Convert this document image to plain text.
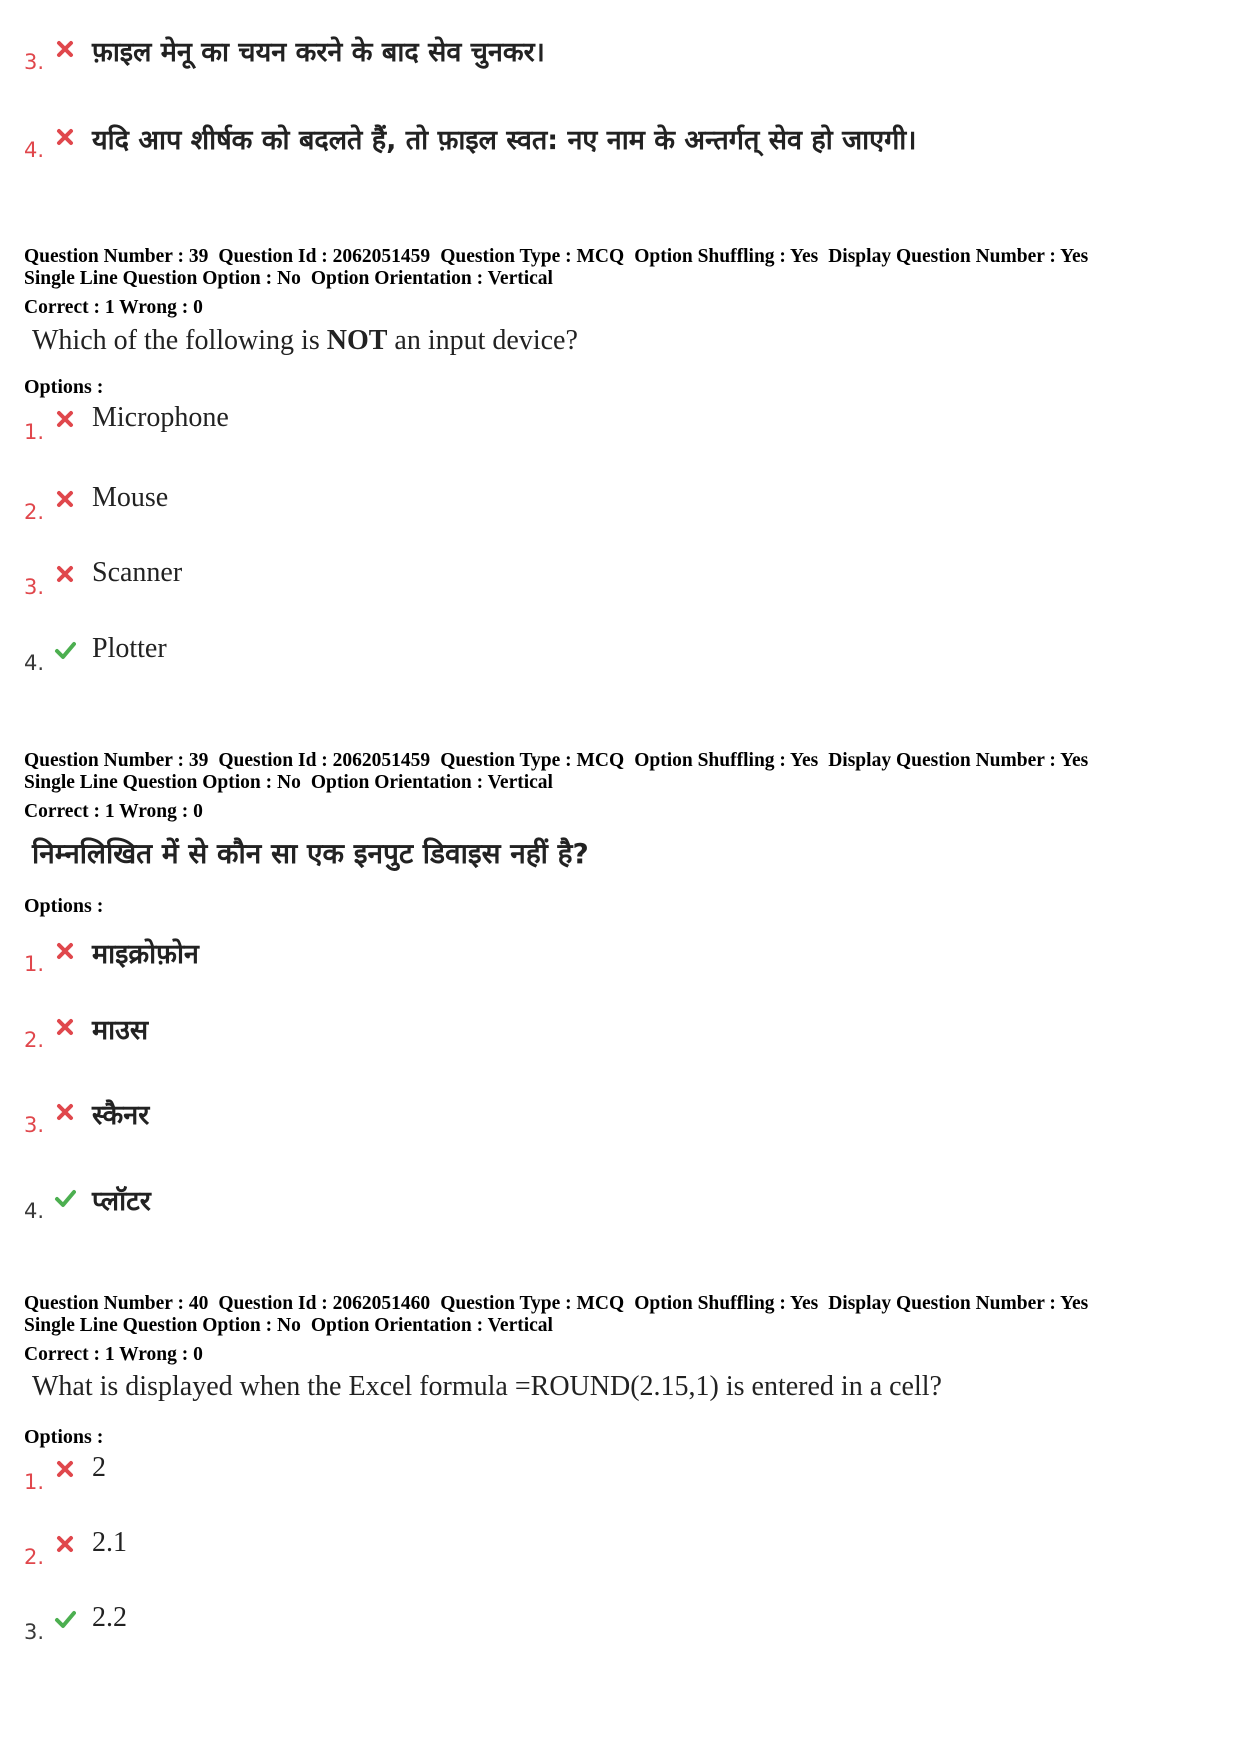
3. फ़ाइल मेनू का चयन करने के बाद सेव चुनकर।
4. यदि आप शीर्षक को बदलते हैं, तो फ़ाइल स्वत: नए नाम के अन्तर्गत् सेव हो जाएगी।
Question Number : 39 Question Id : 2062051459 Question Type : MCQ Option Shuffling : Yes Display Question Number : Yes
Single Line Question Option : No Option Orientation : Vertical
Correct : 1 Wrong : 0
Which of the following is NOT an input device?
Options :
1. Microphone
2. Mouse
3. Scanner
4. Plotter
Question Number : 39 Question Id : 2062051459 Question Type : MCQ Option Shuffling : Yes Display Question Number : Yes
Single Line Question Option : No Option Orientation : Vertical
Correct : 1 Wrong : 0
निम्नलिखित में से कौन सा एक इनपुट डिवाइस नहीं है?
Options :
1. माइक्रोफ़ोन
2. माउस
3. स्कैनर
4. प्लॉटर
Question Number : 40 Question Id : 2062051460 Question Type : MCQ Option Shuffling : Yes Display Question Number : Yes
Single Line Question Option : No Option Orientation : Vertical
Correct : 1 Wrong : 0
What is displayed when the Excel formula =ROUND(2.15,1) is entered in a cell?
Options :
1. 2
2. 2.1
3. 2.2
